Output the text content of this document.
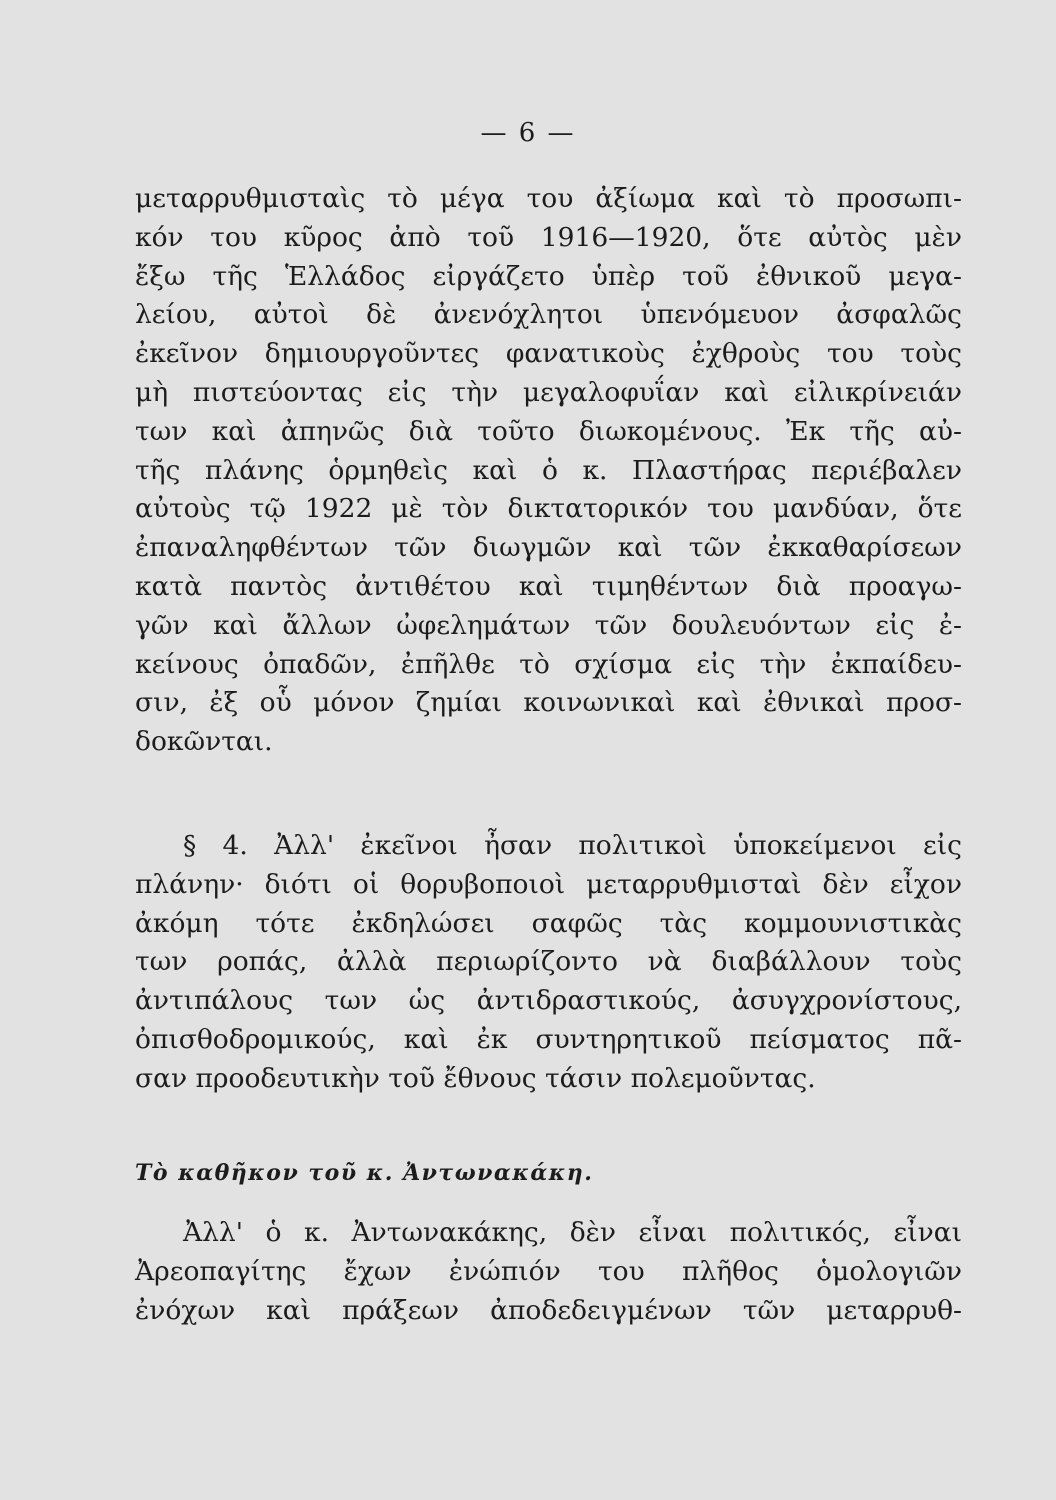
— 6 —
μεταρρυθμισταὶς τὸ μέγα του ἀξίωμα καὶ τὸ προσωπι-
κόν του κῦρος ἀπὸ τοῦ 1916—1920, ὅτε αὐτὸς μὲν
ἔξω τῆς Ἑλλάδος εἰργάζετο ὑπὲρ τοῦ ἐθνικοῦ μεγα-
λείου, αὐτοὶ δὲ ἀνενόχλητοι ὑπενόμευον ἀσφαλῶς
ἐκεῖνον δημιουργοῦντες φανατικοὺς ἐχθροὺς του τοὺς
μὴ πιστεύοντας εἰς τὴν μεγαλοφυΐαν καὶ εἰλικρίνειάν
των καὶ ἀπηνῶς διὰ τοῦτο διωκομένους. Ἐκ τῆς αὐ-
τῆς πλάνης ὁρμηθεὶς καὶ ὁ κ. Πλαστήρας περιέβαλεν
αὐτοὺς τῷ 1922 μὲ τὸν δικτατορικόν του μανδύαν, ὅτε
ἐπαναληφθέντων τῶν διωγμῶν καὶ τῶν ἐκκαθαρίσεων
κατὰ παντὸς ἀντιθέτου καὶ τιμηθέντων διὰ προαγω-
γῶν καὶ ἄλλων ὠφελημάτων τῶν δουλευόντων εἰς ἐ-
κείνους ὀπαδῶν, ἐπῆλθε τὸ σχίσμα εἰς τὴν ἐκπαίδευ-
σιν, ἐξ οὗ μόνον ζημίαι κοινωνικαὶ καὶ ἐθνικαὶ προσ-
δοκῶνται.
§ 4. Ἀλλ' ἐκεῖνοι ἦσαν πολιτικοὶ ὑποκείμενοι εἰς
πλάνην· διότι οἱ θορυβοποιοὶ μεταρρυθμισταὶ δὲν εἶχον
ἀκόμη τότε ἐκδηλώσει σαφῶς τὰς κομμουνιστικὰς
των ροπάς, ἀλλὰ περιωρίζοντο νὰ διαβάλλουν τοὺς
ἀντιπάλους των ὡς ἀντιδραστικούς, ἀσυγχρονίστους,
ὀπισθοδρομικούς, καὶ ἐκ συντηρητικοῦ πείσματος πᾶ-
σαν προοδευτικὴν τοῦ ἔθνους τάσιν πολεμοῦντας.
Τὸ καθῆκον τοῦ κ. Ἀντωνακάκη.
Ἀλλ' ὁ κ. Ἀντωνακάκης, δὲν εἶναι πολιτικός, εἶναι
Ἀρεοπαγίτης ἔχων ἐνώπιόν του πλῆθος ὁμολογιῶν
ἐνόχων καὶ πράξεων ἀποδεδειγμένων τῶν μεταρρυθ-
